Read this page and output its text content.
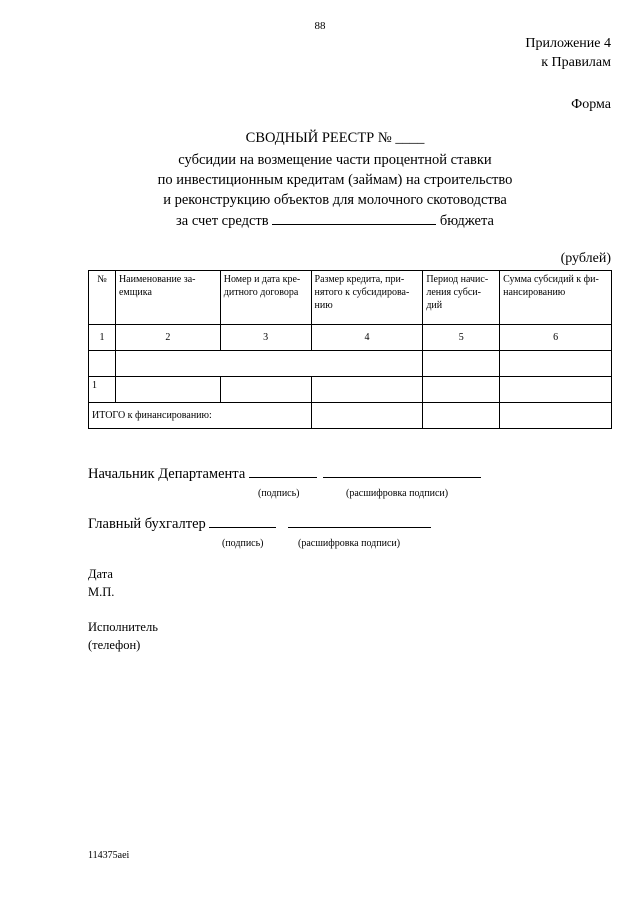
88
Приложение 4
к Правилам
Форма
СВОДНЫЙ РЕЕСТР № ____
субсидии на возмещение части процентной ставки
по инвестиционным кредитам (займам) на строительство
и реконструкцию объектов для молочного скотоводства
за счет средств	бюджета
(рублей)
№	Наименование за-емщика	Номер и дата кре-дитного договора	Размер кредита, при-нятого к субсидирова-нию	Период начис-ления субси-дий	Сумма субсидий к фи-нансированию
1	2	3	4	5	6

1					
ИТОГО к финансированию:					
Начальник Департамента
(подпись)	(расшифровка подписи)
Главный бухгалтер
(подпись)	(расшифровка подписи)
Дата
М.П.
Исполнитель
(телефон)
114375aei
